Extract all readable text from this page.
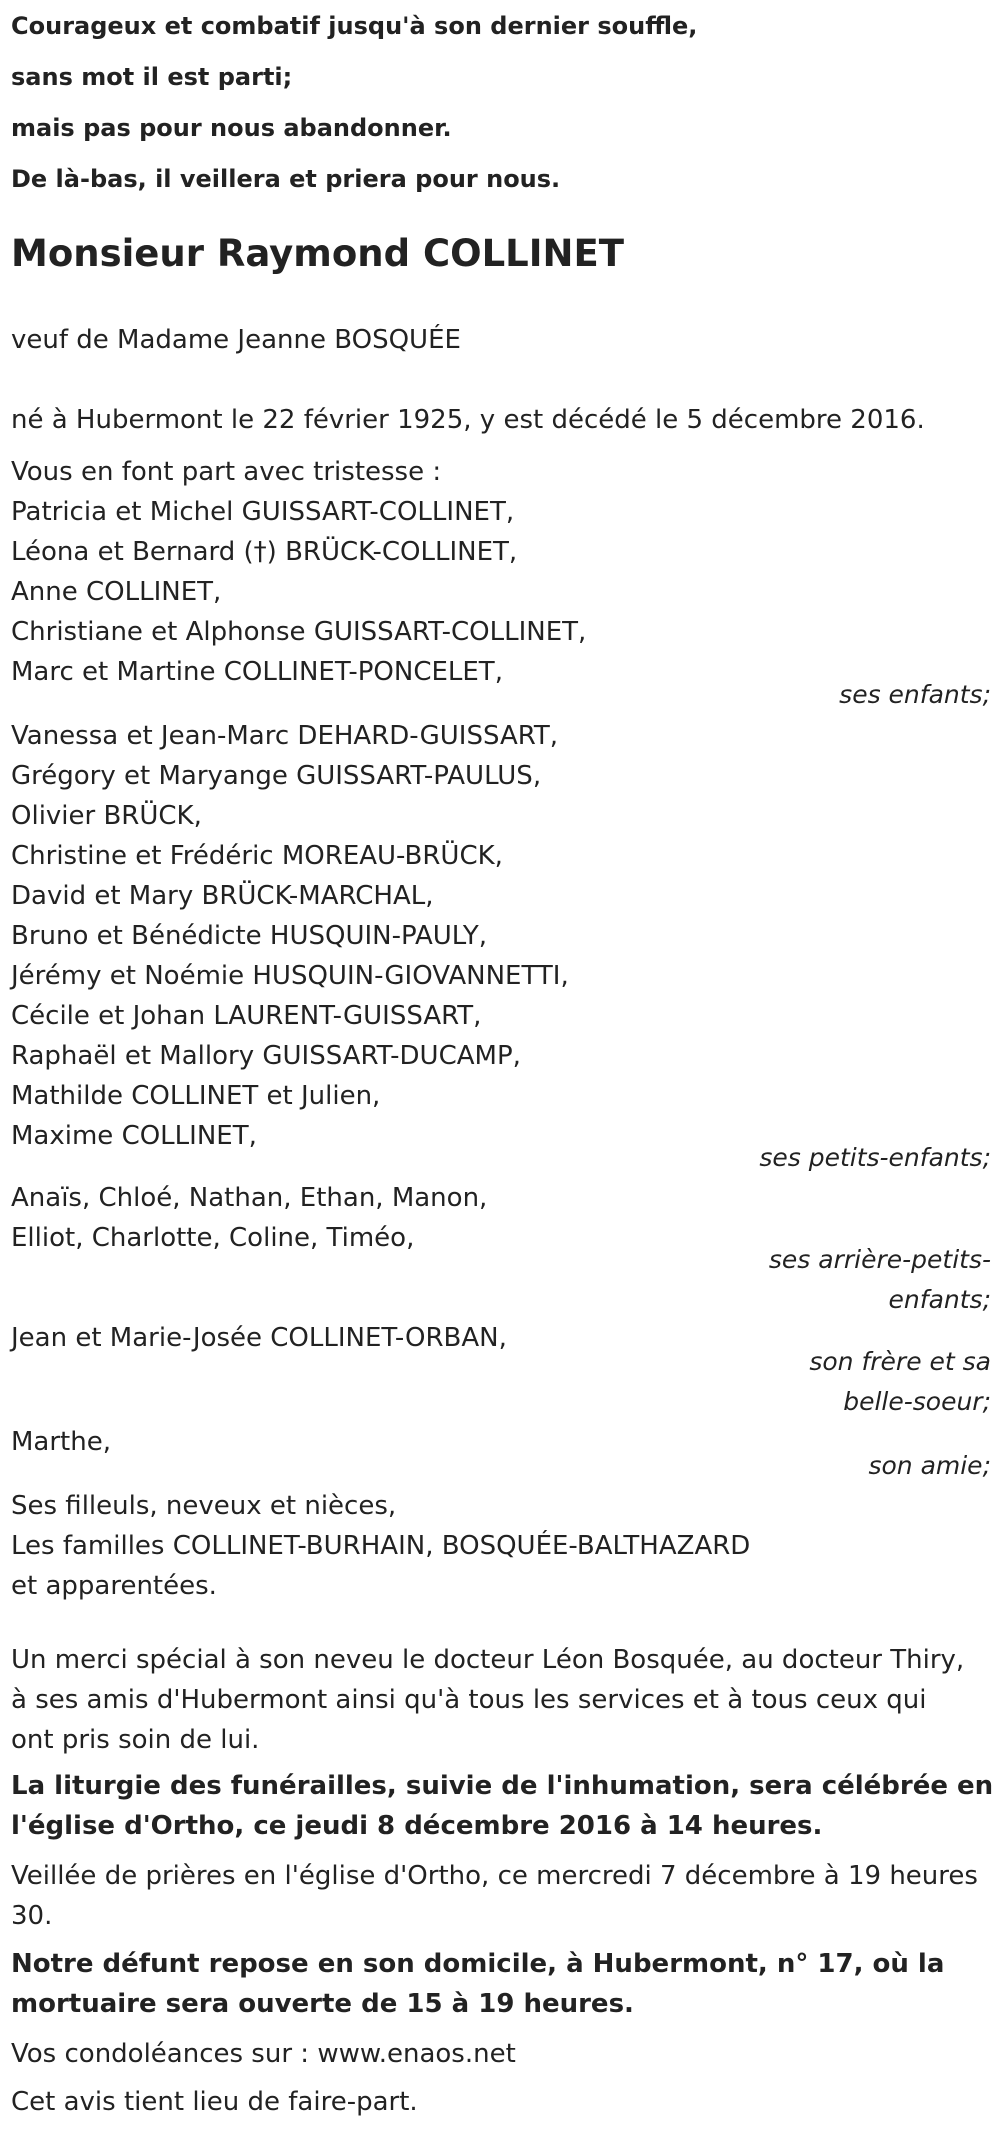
Courageux et combatif jusqu'à son dernier souffle,

sans mot il est parti;

mais pas pour nous abandonner.

De là-bas, il veillera et priera pour nous.

Monsieur Raymond COLLINET

veuf de Madame Jeanne BOSQUÉE

né à Hubermont le 22 février 1925, y est décédé le 5 décembre 2016.

Vous en font part avec tristesse :

Patricia et Michel GUISSART-COLLINET,
Léona et Bernard (†) BRÜCK-COLLINET,
Anne COLLINET,
Christiane et Alphonse GUISSART-COLLINET,
Marc et Martine COLLINET-PONCELET,
ses enfants;
Vanessa et Jean-Marc DEHARD-GUISSART,
Grégory et Maryange GUISSART-PAULUS,
Olivier BRÜCK,
Christine et Frédéric MOREAU-BRÜCK,
David et Mary BRÜCK-MARCHAL,
Bruno et Bénédicte HUSQUIN-PAULY,
Jérémy et Noémie HUSQUIN-GIOVANNETTI,
Cécile et Johan LAURENT-GUISSART,
Raphaël et Mallory GUISSART-DUCAMP,
Mathilde COLLINET et Julien,
Maxime COLLINET,
ses petits-enfants;
Anaïs, Chloé, Nathan, Ethan, Manon,
Elliot, Charlotte, Coline, Timéo,
ses arrière-petits-
enfants;

Jean et Marie-Josée COLLINET-ORBAN,

son frère et sa
belle-soeur;

Marthe,

son amie;
Ses filleuls, neveux et nièces,
Les familles COLLINET-BURHAIN, BOSQUÉE-BALTHAZARD
et apparentées.
Un merci spécial à son neveu le docteur Léon Bosquée, au docteur Thiry,
à ses amis d'Hubermont ainsi qu'à tous les services et à tous ceux qui
ont pris soin de lui.
La liturgie des funérailles, suivie de l'inhumation, sera célébrée en
l'église d'Ortho, ce jeudi 8 décembre 2016 à 14 heures.
Veillée de prières en l'église d'Ortho, ce mercredi 7 décembre à 19 heures
30.
Notre défunt repose en son domicile, à Hubermont, n° 17, où la
mortuaire sera ouverte de 15 à 19 heures.

Vos condoléances sur : www.enaos.net

Cet avis tient lieu de faire-part.
